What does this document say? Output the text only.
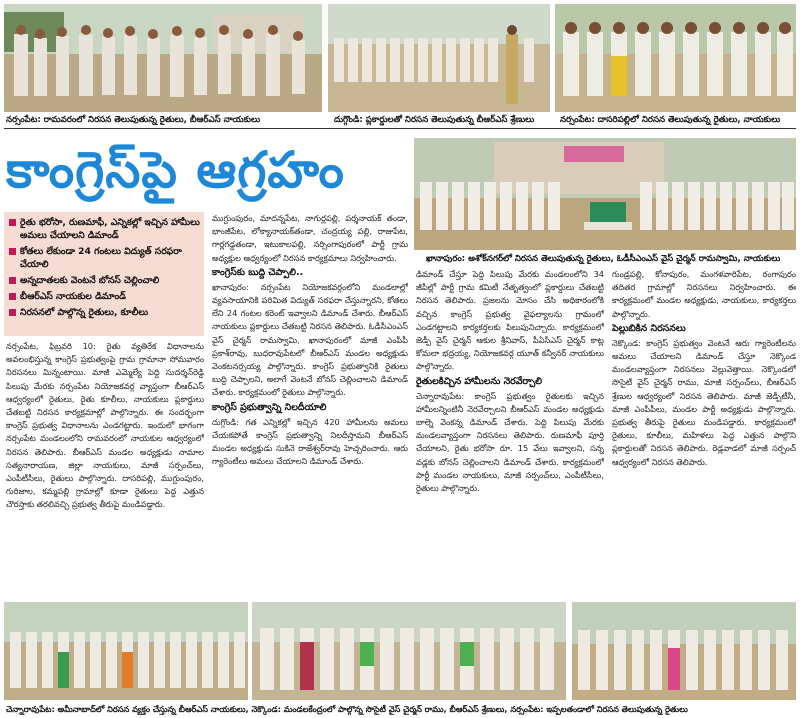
నర్సంపేట: రామవరంలో నిరసన తెలుపుతున్న రైతులు, బీఆర్ఎస్ నాయకులు	దుగ్గొండి: ప్లకార్డులతో నిరసన తెలుపుతున్న బీఆర్ఎస్ శ్రేణులు	నర్సంపేట: దాసరిపల్లిలో నిరసన తెలుపుతున్న రైతులు, నాయకులు
కాంగ్రెస్‌పై ఆగ్రహం
ఖానాపురం: అశోక్‌నగర్‌లో నిరసన తెలుపుతున్న రైతులు, ఓడీసీఎంఎస్ వైస్ చైర్మన్ రామస్వామి, నాయకులు
రైతు భరోసా, రుణమాఫీ, ఎన్నికల్లో ఇచ్చిన హామీలు అమలు చేయాలని డిమాండ్
కోతలు లేకుండా 24 గంటలు విద్యుత్ సరఫరా చేయాలి
అన్నదాతలకు వెంటనే బోనస్ చెల్లించాలి
బీఆర్ఎస్ నాయకుల డిమాండ్
నిరసనలో పాల్గొన్న రైతులు, కూలీలు

నర్సంపేట, ఫిబ్రవరి 10: రైతు వ్యతిరేక విధానాలను అవలంభిస్తున్న కాంగ్రెస్ ప్రభుత్వంపై గ్రామ గ్రామానా సోమవారం నిరసనలు మిన్నంటాయి. మాజీ ఎమ్మెల్యే పెద్ది సుదర్శన్‌రెడ్డి పిలుపు మేరకు నర్సంపేట నియోజకవర్గ వ్యాప్తంగా బీఆర్ఎస్ ఆధ్వర్యంలో రైతులు, రైతు కూలీలు, నాయకులు ప్లకార్డులు చేతబట్టి నిరసన కార్యక్రమాల్లో పాల్గొన్నారు. ఈ సందర్భంగా కాంగ్రెస్ ప్రభుత్వ విధానాలను ఎండగట్టారు. ఇందులో భాగంగా నర్సంపేట మండలంలోని రామవరంలో నాయకుల ఆధ్వర్యంలో నిరసన తెలిపారు. బీఆర్ఎస్ మండల అధ్యక్షుడు నామాల సత్యనారాయణ, జిల్లా నాయకులు, మాజీ సర్పంచ్‌లు, ఎంపీటీసీలు, రైతులు పాల్గొన్నారు. దాసరిపల్లి, ముగ్దుంపురం, గురిజాల, కమ్మపల్లి గ్రామాల్లో కూడా రైతులు పెద్ద ఎత్తున చౌరస్తాకు తరలివచ్చి ప్రభుత్వ తీరుపై మండిపడ్డారు.

ముగ్దుంపురం, మాదన్నపేట, నాగుర్లపల్లి, పర్శనాయక్ తండా, భాంజీపేట, లోక్యానాయక్‌తండా, చంద్రయ్య పల్లి, రాజుపేట, గార్లగడ్డతండా, ఇటుకాలపల్లి, నర్సింగాపురంలో పార్టీ గ్రామ అధ్యక్షుల ఆధ్వర్యంలో నిరసన కార్యక్రమాలు నిర్వహించారు.

కాంగ్రెస్‌కు బుద్ది చెప్పాలి..

ఖానాపురం: నర్సంపేట నియోజకవర్గంలోని మండలాల్లో వ్యవసాయానికి పరిమిత విద్యుత్ సరఫరా చేస్తున్నారని, కోతలు లేని 24 గంటల కరెంట్ ఇవ్వాలని డిమాండ్ చేశారు. బీఆర్ఎస్ నాయకులు ప్లకార్డులు చేతబట్టి నిరసన తెలిపారు. ఓడీసీఎంఎస్ వైస్ చైర్మన్ రామస్వామి, ఖానాపురంలో మాజీ ఎంపీపీ ప్రకాశ్‌రావు, బుధరావుపేటలో బీఆర్ఎస్ మండల అధ్యక్షుడు వెంకటనర్సయ్య పాల్గొన్నారు. కాంగ్రెస్ ప్రభుత్వానికి రైతులు బుద్ది చెప్పాలని, అలాగే వెంటనే బోనస్ చెల్లించాలని డిమాండ్ చేశారు. కార్యక్రమంలో రైతులు పాల్గొన్నారు.

కాంగ్రెస్ ప్రభుత్వాన్ని నిలదీయాలి

దుగ్గొండి: గత ఎన్నికల్లో ఇచ్చిన 420 హామీలను అమలు చేయకపోతే కాంగ్రెస్ ప్రభుత్వాన్ని నిలదీస్తామని బీఆర్ఎస్ మండల అధ్యక్షుడు సుకినె రాజేశ్వర్‌రావు హెచ్చరించారు. ఆరు గ్యారెంటీలు అమలు చేయాలని డిమాండ్ చేశారు.

డిమాండ్ చేస్తూ పెద్ది పిలుపు మేరకు మండలంలోని 34 జీపీల్లో పార్టీ గ్రామ కమిటీ నేతృత్వంలో ప్లకార్డులు చేతబట్టి నిరసన తెలిపారు. ప్రజలను మోసం చేసి అధికారంలోకి వచ్చిన కాంగ్రెస్ ప్రభుత్వ వైఫల్యాలను గ్రామంలో ఎండగట్టాలని కార్యకర్తలకు పిలుపునిచ్చారు. కార్యక్రమంలో జెడ్పీ వైస్ చైర్మన్ ఆకుల శ్రీనివాస్, పీఏసీఎస్ చైర్మన్ కాట్ల కోమలా భద్రయ్య, నియోజకవర్గ యూత్ కన్వీనర్ నాయకులు పాల్గొన్నారు.

రైతులకిచ్చిన హామీలను నెరవేర్చాలి

చెన్నారావుపేట: కాంగ్రెస్ ప్రభుత్వం రైతులకు ఇచ్చిన హామీలన్నింటినీ నెరవేర్చాలని బీఆర్ఎస్ మండల అధ్యక్షుడు బాల్నె వెంకన్న డిమాండ్ చేశారు. పెద్ది పిలుపు మేరకు మండలవ్యాప్తంగా నిరసనలు తెలిపారు. రుణమాఫీ పూర్తి చేయాలని, రైతు భరోసా రూ. 15 వేలు ఇవ్వాలని, సన్న వడ్లకు బోనస్ చెల్లించాలని డిమాండ్ చేశారు. కార్యక్రమంలో పార్టీ మండల నాయకులు, మాజీ సర్పంచ్‌లు, ఎంపీటీసీలు, రైతులు పాల్గొన్నారు.

గుండ్రపల్లి, కోనాపురం, మంగళవారిపేట, రంగాపురం తదితర గ్రామాల్లో నిరసనలు నిర్వహించారు. ఈ కార్యక్రమంలో మండల అధ్యక్షుడు, నాయకులు, కార్యకర్తలు పాల్గొన్నారు.

పెల్లుబికిన నిరసనలు

నెక్కొండ: కాంగ్రెస్ ప్రభుత్వం వెంటనే ఆరు గ్యారెంటీలను అమలు చేయాలని డిమాండ్ చేస్తూ నెక్కొండ మండలవ్యాప్తంగా నిరసనలు వెల్లువెత్తాయి. నెక్కొండలో సొసైటీ వైస్ చైర్మన్ రాము, మాజీ సర్పంచ్‌లు, బీఆర్ఎస్ శ్రేణుల ఆధ్వర్యంలో నిరసన తెలిపారు. మాజీ జెడ్పీటీసీ, మాజీ ఎంపీపీలు, మండల పార్టీ అధ్యక్షుడు పాల్గొన్నారు. ప్రభుత్వ తీరుపై రైతులు మండిపడ్డారు. కార్యక్రమంలో రైతులు, కూలీలు, మహిళలు పెద్ద ఎత్తున పాల్గొని ప్లకార్డులతో నిరసన తెలిపారు. రెడ్లవాడలో మాజీ సర్పంచ్ ఆధ్వర్యంలో నిరసన తెలిపారు.

చెన్నారావుపేట: అమీనాబాద్‌లో నిరసన వ్యక్తం చేస్తున్న బీఆర్ఎస్ నాయకులు, నెక్కొండ: మండలకేంద్రంలో పాల్గొన్న సొసైటీ వైస్ చైర్మన్ రాము, బీఆర్ఎస్ శ్రేణులు, నర్సంపేట: ఇప్పలతండాలో నిరసన తెలుపుతున్న రైతులు
